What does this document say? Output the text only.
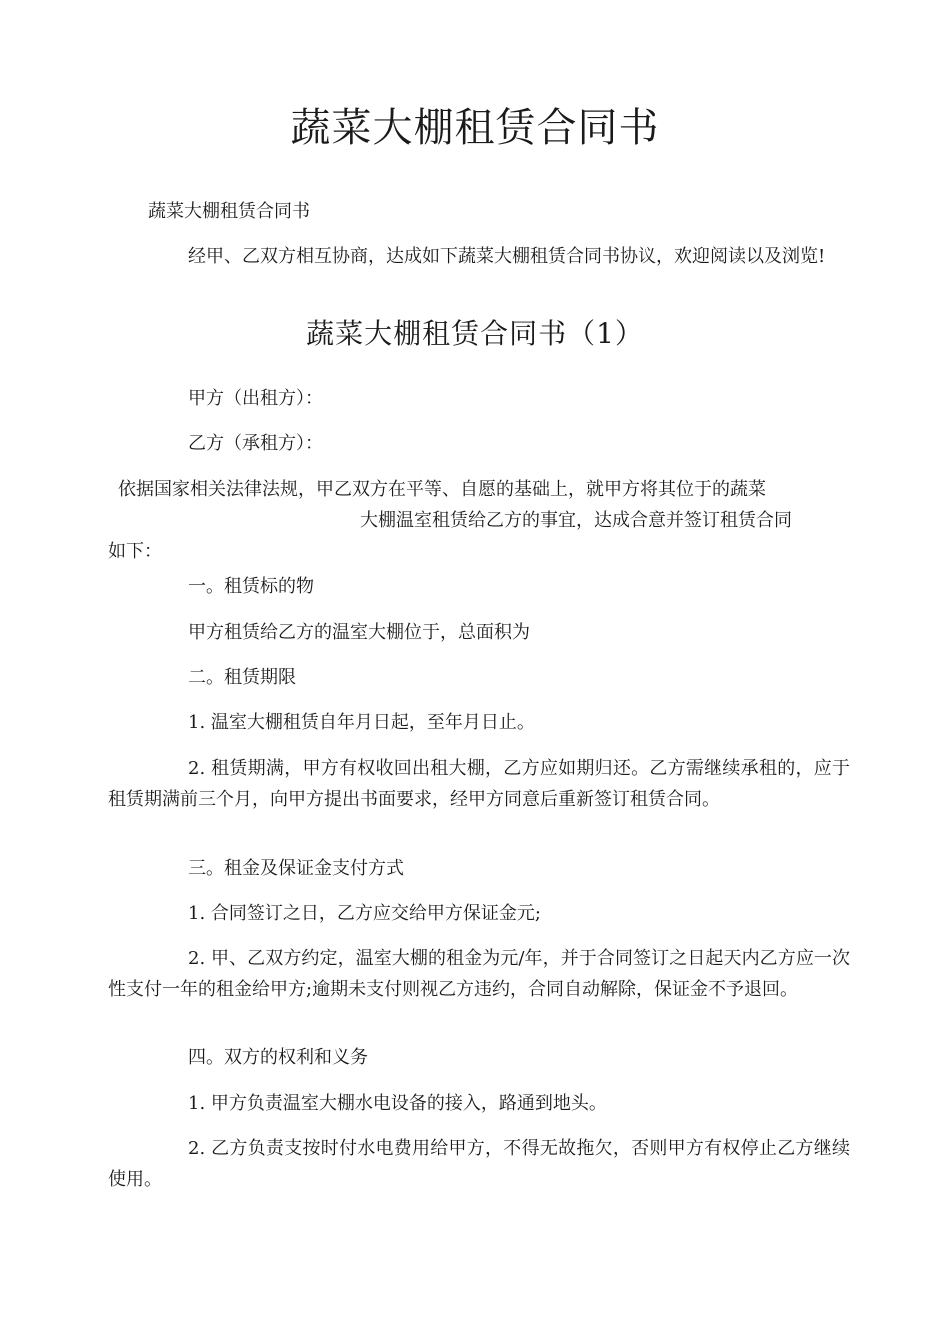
蔬菜大棚租赁合同书
蔬菜大棚租赁合同书
经甲、乙双方相互协商，达成如下蔬菜大棚租赁合同书协议，欢迎阅读以及浏览!
蔬菜大棚租赁合同书（1）
甲方（出租方）：
乙方（承租方）：
依据国家相关法律法规，甲乙双方在平等、自愿的基础上，就甲方将其位于的蔬菜
大棚温室租赁给乙方的事宜，达成合意并签订租赁合同
如下：
一。租赁标的物
甲方租赁给乙方的温室大棚位于，总面积为
二。租赁期限
1. 温室大棚租赁自年月日起，至年月日止。
2. 租赁期满，甲方有权收回出租大棚，乙方应如期归还。乙方需继续承租的，应于租赁期满前三个月，向甲方提出书面要求，经甲方同意后重新签订租赁合同。
三。租金及保证金支付方式
1. 合同签订之日，乙方应交给甲方保证金元;
2. 甲、乙双方约定，温室大棚的租金为元/年，并于合同签订之日起天内乙方应一次性支付一年的租金给甲方;逾期未支付则视乙方违约，合同自动解除，保证金不予退回。
四。双方的权利和义务
1. 甲方负责温室大棚水电设备的接入，路通到地头。
2. 乙方负责支按时付水电费用给甲方，不得无故拖欠，否则甲方有权停止乙方继续使用。
